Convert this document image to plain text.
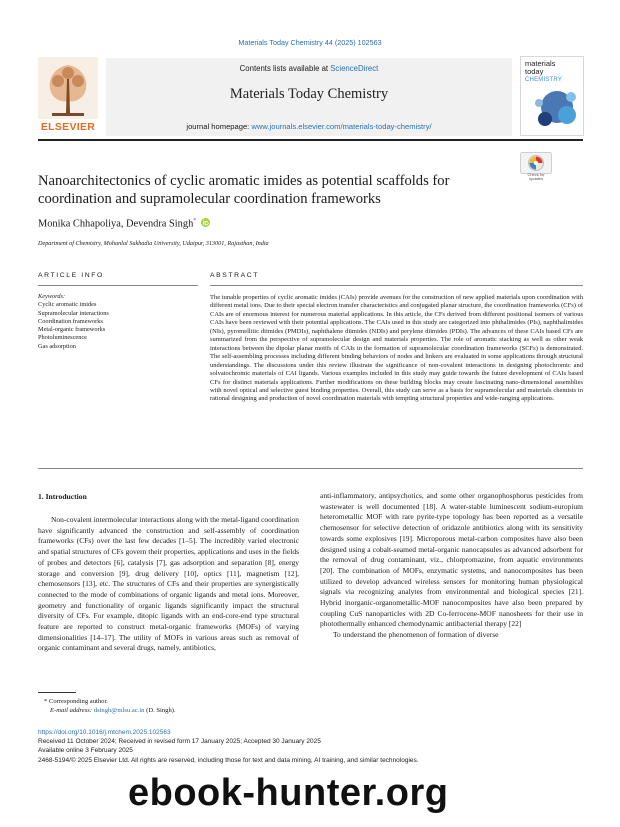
Materials Today Chemistry 44 (2025) 102563
ELSEVIER
Contents lists available at ScienceDirect
Materials Today Chemistry
journal homepage: www.journals.elsevier.com/materials-today-chemistry/
materials
today
CHEMISTRY
Nanoarchitectonics of cyclic aromatic imides as potential scaffolds for coordination and supramolecular coordination frameworks
Check for
updates
Monika Chhapoliya, Devendra Singh*
Department of Chemistry, Mohanlal Sukhadia University, Udaipur, 313001, Rajasthan, India
ARTICLE INFO	ABSTRACT
Keywords:
Cyclic aromatic imides
Supramolecular interactions
Coordination frameworks
Metal-organic frameworks
Photoluminescence
Gas adsorption
The tunable properties of cyclic aromatic imides (CAIs) provide avenues for the construction of new applied materials upon coordination with different metal ions. Due to their special electron transfer characteristics and conjugated planar structure, the coordination frameworks (CFs) of CAIs are of enormous interest for numerous material applications. In this article, the CFs derived from different positional isomers of various CAIs have been reviewed with their potential applications. The CAIs used in this study are categorized into phthalimides (PIs), naphthalimides (NIs), pyromellitic diimides (PMDIs), naphthalene diimides (NDIs) and perylene diimides (PDIs). The advances of these CAIs based CFs are summarized from the perspective of supramolecular design and materials properties. The role of aromatic stacking as well as other weak interactions between the dipolar planar motifs of CAIs in the formation of supramolecular coordination frameworks (SCFs) is demonstrated. The self-assembling processes including different binding behaviors of nodes and linkers are evaluated in some applications through structural understandings. The discussions under this review illustrate the significance of non-covalent interactions in designing photochromic and solvatochromic materials of CAI ligands. Various examples included in this study may guide towards the future development of CAIs based CFs for distinct materials applications. Further modifications on these building blocks may create fascinating nano-dimensional assemblies with novel optical and selective guest binding properties. Overall, this study can serve as a basis for supramolecular and materials chemists in rational designing and production of novel coordination materials with tempting structural properties and wide-ranging applications.
1. Introduction
Non-covalent intermolecular interactions along with the metal-ligand coordination have significantly advanced the construction and self-assembly of coordination frameworks (CFs) over the last few decades [1–5]. The incredibly varied electronic and spatial structures of CFs govern their properties, applications and uses in the fields of probes and detectors [6], catalysis [7], gas adsorption and separation [8], energy storage and conversion [9], drug delivery [10], optics [11], magnetism [12], chemosensors [13], etc. The structures of CFs and their properties are synergistically connected to the mode of combinations of organic ligands and metal ions. Moreover, geometry and functionality of organic ligands significantly impact the structural diversity of CFs. For example, ditopic ligands with an end-core-end type structural feature are reported to construct metal-organic frameworks (MOFs) of varying dimensionalities [14–17]. The utility of MOFs in various areas such as removal of organic contaminant and several drugs, namely, antibiotics,
anti-inflammatory, antipsychotics, and some other organophosphorus pesticides from wastewater is well documented [18]. A water-stable luminescent sodium-europium heterometallic MOF with rare pyrite-type topology has been reported as a versatile chemosensor for selective detection of oridazole antibiotics along with its sensitivity towards some explosives [19]. Microporous metal-carbon composites have also been designed using a cobalt-seamed metal-organic nanocapsules as advanced adsorbent for the removal of drug contaminant, viz., chlorpromazine, from aquatic environments [20]. The combination of MOFs, enzymatic systems, and nanocomposites has been utilized to develop advanced wireless sensors for monitoring human physiological signals via recognizing analytes from environmental and biological species [21]. Hybrid inorganic-organometallic-MOF nanocomposites have also been prepared by coupling CuS nanoparticles with 2D Co-ferrocene-MOF nanosheets for their use in photothermally enhanced chemodynamic antibacterial therapy [22]
To understand the phenomenon of formation of diverse
* Corresponding author.
E-mail address: dsingh@mlsu.ac.in (D. Singh).
https://doi.org/10.1016/j.mtchem.2025.102563
Received 11 October 2024; Received in revised form 17 January 2025; Accepted 30 January 2025
Available online 3 February 2025
2468-5194/© 2025 Elsevier Ltd. All rights are reserved, including those for text and data mining, AI training, and similar technologies.
ebook-hunter.org
